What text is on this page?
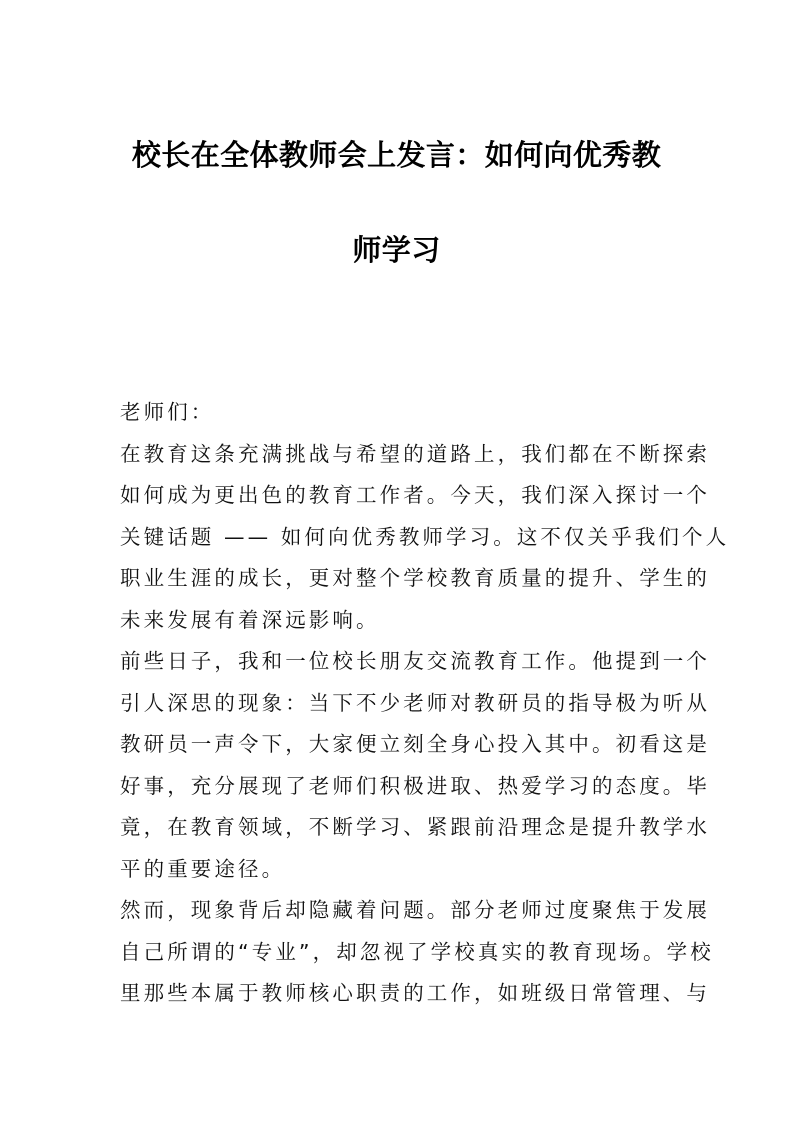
校长在全体教师会上发言：如何向优秀教
师学习
老师们：
在教育这条充满挑战与希望的道路上，我们都在不断探索
如何成为更出色的教育工作者。今天，我们深入探讨一个
关键话题 —— 如何向优秀教师学习。这不仅关乎我们个人
职业生涯的成长，更对整个学校教育质量的提升、学生的
未来发展有着深远影响。
前些日子，我和一位校长朋友交流教育工作。他提到一个
引人深思的现象：当下不少老师对教研员的指导极为听从
教研员一声令下，大家便立刻全身心投入其中。初看这是
好事，充分展现了老师们积极进取、热爱学习的态度。毕
竟，在教育领域，不断学习、紧跟前沿理念是提升教学水
平的重要途径。
然而，现象背后却隐藏着问题。部分老师过度聚焦于发展
自己所谓的“专业”，却忽视了学校真实的教育现场。学校
里那些本属于教师核心职责的工作，如班级日常管理、与
